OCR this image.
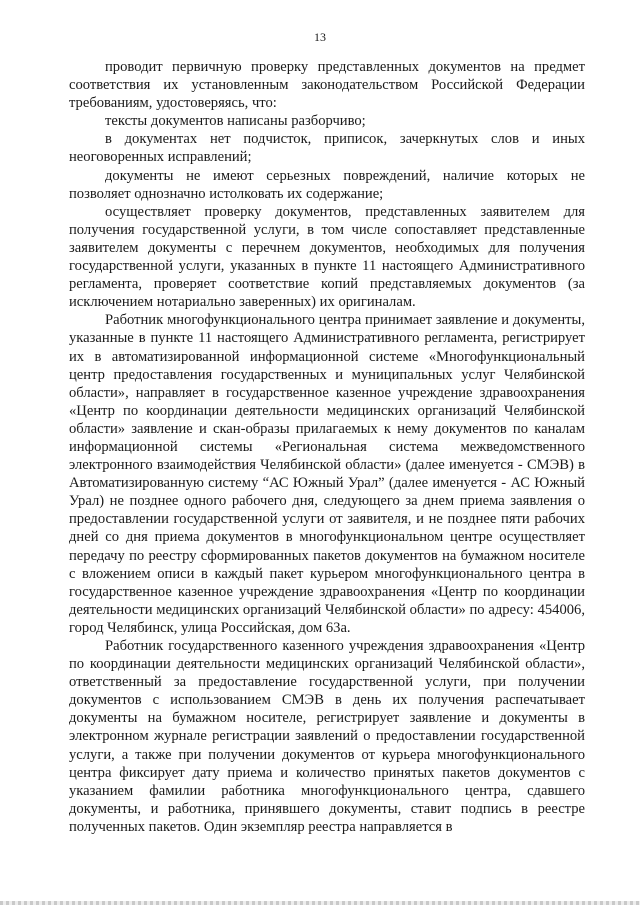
13

проводит первичную проверку представленных документов на предмет соответствия их установленным законодательством Российской Федерации требованиям, удостоверяясь, что:

тексты документов написаны разборчиво;

в документах нет подчисток, приписок, зачеркнутых слов и иных неоговоренных исправлений;

документы не имеют серьезных повреждений, наличие которых не позволяет однозначно истолковать их содержание;

осуществляет проверку документов, представленных заявителем для получения государственной услуги, в том числе сопоставляет представленные заявителем документы с перечнем документов, необходимых для получения государственной услуги, указанных в пункте 11 настоящего Административного регламента, проверяет соответствие копий представляемых документов (за исключением нотариально заверенных) их оригиналам.

Работник многофункционального центра принимает заявление и документы, указанные в пункте 11 настоящего Административного регламента, регистрирует их в автоматизированной информационной системе «Многофункциональный центр предоставления государственных и муниципальных услуг Челябинской области», направляет в государственное казенное учреждение здравоохранения «Центр по координации деятельности медицинских организаций Челябинской области» заявление и скан-образы прилагаемых к нему документов по каналам информационной системы «Региональная система межведомственного электронного взаимодействия Челябинской области» (далее именуется - СМЭВ) в Автоматизированную систему “АС Южный Урал” (далее именуется - АС Южный Урал) не позднее одного рабочего дня, следующего за днем приема заявления о предоставлении государственной услуги от заявителя, и не позднее пяти рабочих дней со дня приема документов в многофункциональном центре осуществляет передачу по реестру сформированных пакетов документов на бумажном носителе с вложением описи в каждый пакет курьером многофункционального центра в государственное казенное учреждение здравоохранения «Центр по координации деятельности медицинских организаций Челябинской области» по адресу: 454006, город Челябинск, улица Российская, дом 63а.

Работник государственного казенного учреждения здравоохранения «Центр по координации деятельности медицинских организаций Челябинской области», ответственный за предоставление государственной услуги, при получении документов с использованием СМЭВ в день их получения распечатывает документы на бумажном носителе, регистрирует заявление и документы в электронном журнале регистрации заявлений о предоставлении государственной услуги, а также при получении документов от курьера многофункционального центра фиксирует дату приема и количество принятых пакетов документов с указанием фамилии работника многофункционального центра, сдавшего документы, и работника, принявшего документы, ставит подпись в реестре полученных пакетов. Один экземпляр реестра направляется в
